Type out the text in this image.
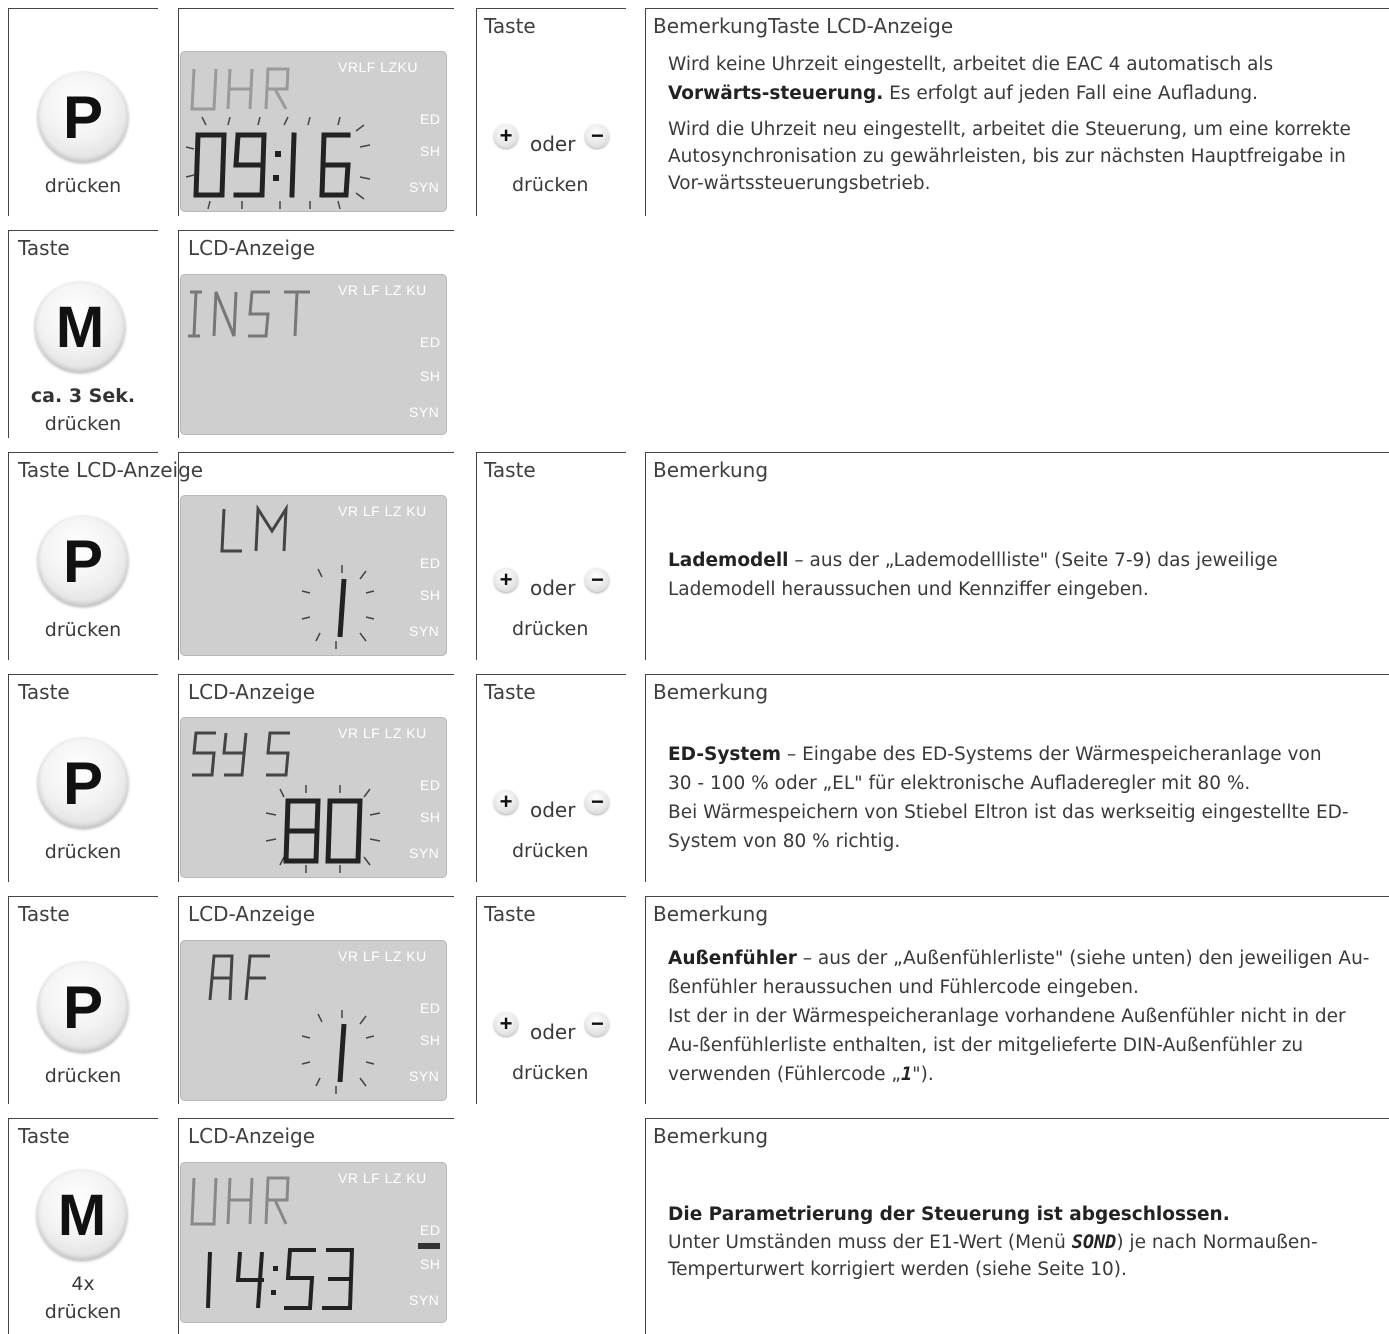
P
drücken
VRLF LZKU
ED
SH
SYN
Taste
+ oder −
drücken
BemerkungTaste LCD-Anzeige

Wird keine Uhrzeit eingestellt, arbeitet die EAC 4 automatisch als Vorwärts-steuerung. Es erfolgt auf jeden Fall eine Aufladung.

Wird die Uhrzeit neu eingestellt, arbeitet die Steuerung, um eine korrekte Autosynchronisation zu gewährleisten, bis zur nächsten Hauptfreigabe in Vor-wärtssteuerungsbetrieb.

Taste
M
ca. 3 Sek.
drücken
LCD-Anzeige
VR LF LZ KU
ED
SH
SYN
Taste LCD-Anzeige
P
drücken
VR LF LZ KU
ED
SH
SYN
Taste
+ oder −
drücken
Bemerkung

Lademodell – aus der „Lademodellliste" (Seite 7-9) das jeweilige Lademodell heraussuchen und Kennziffer eingeben.

Taste
P
drücken
LCD-Anzeige
VR LF LZ KU
ED
SH
SYN
Taste
+ oder −
drücken
Bemerkung

ED-System – Eingabe des ED-Systems der Wärmespeicheranlage von

30 - 100 % oder „EL" für elektronische Aufladeregler mit 80 %.

Bei Wärmespeichern von Stiebel Eltron ist das werkseitig eingestellte ED-System von 80 % richtig.

Taste
P
drücken
LCD-Anzeige
VR LF LZ KU
ED
SH
SYN
Taste
+ oder −
drücken
Bemerkung

Außenfühler – aus der „Außenfühlerliste" (siehe unten) den jeweiligen Au-ßenfühler heraussuchen und Fühlercode eingeben.

Ist der in der Wärmespeicheranlage vorhandene Außenfühler nicht in der Au-ßenfühlerliste enthalten, ist der mitgelieferte DIN-Außenfühler zu verwenden (Fühlercode „1").

Taste
M
4x
drücken
LCD-Anzeige
VR LF LZ KU
ED
SH
SYN
Bemerkung

Die Parametrierung der Steuerung ist abgeschlossen.

Unter Umständen muss der E1-Wert (Menü SOND) je nach Normaußen-Temperturwert korrigiert werden (siehe Seite 10).
